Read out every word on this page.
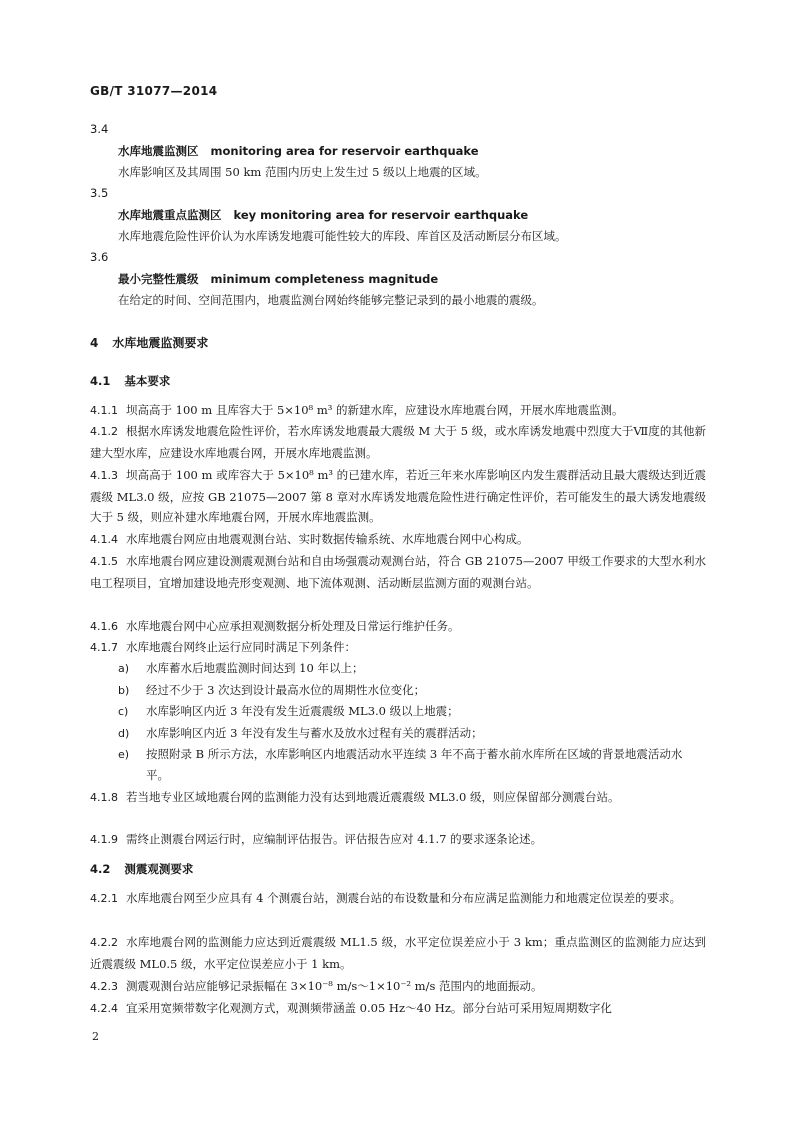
GB/T 31077—2014
3.4
水库地震监测区 monitoring area for reservoir earthquake
水库影响区及其周围 50 km 范围内历史上发生过 5 级以上地震的区域。
3.5
水库地震重点监测区 key monitoring area for reservoir earthquake
水库地震危险性评价认为水库诱发地震可能性较大的库段、库首区及活动断层分布区域。
3.6
最小完整性震级 minimum completeness magnitude
在给定的时间、空间范围内，地震监测台网始终能够完整记录到的最小地震的震级。
4 水库地震监测要求
4.1 基本要求
4.1.1 坝高高于 100 m 且库容大于 5×10⁸ m³ 的新建水库，应建设水库地震台网，开展水库地震监测。
4.1.2 根据水库诱发地震危险性评价，若水库诱发地震最大震级 M 大于 5 级，或水库诱发地震中烈度大于Ⅶ度的其他新建大型水库，应建设水库地震台网，开展水库地震监测。
4.1.3 坝高高于 100 m 或库容大于 5×10⁸ m³ 的已建水库，若近三年来水库影响区内发生震群活动且最大震级达到近震震级 ML3.0 级，应按 GB 21075—2007 第 8 章对水库诱发地震危险性进行确定性评价，若可能发生的最大诱发地震级大于 5 级，则应补建水库地震台网，开展水库地震监测。
4.1.4 水库地震台网应由地震观测台站、实时数据传输系统、水库地震台网中心构成。
4.1.5 水库地震台网应建设测震观测台站和自由场强震动观测台站，符合 GB 21075—2007 甲级工作要求的大型水利水电工程项目，宜增加建设地壳形变观测、地下流体观测、活动断层监测方面的观测台站。
4.1.6 水库地震台网中心应承担观测数据分析处理及日常运行维护任务。
4.1.7 水库地震台网终止运行应同时满足下列条件：
a) 水库蓄水后地震监测时间达到 10 年以上；
b) 经过不少于 3 次达到设计最高水位的周期性水位变化；
c) 水库影响区内近 3 年没有发生近震震级 ML3.0 级以上地震；
d) 水库影响区内近 3 年没有发生与蓄水及放水过程有关的震群活动；
e) 按照附录 B 所示方法，水库影响区内地震活动水平连续 3 年不高于蓄水前水库所在区域的背景地震活动水平。
4.1.8 若当地专业区域地震台网的监测能力没有达到地震近震震级 ML3.0 级，则应保留部分测震台站。
4.1.9 需终止测震台网运行时，应编制评估报告。评估报告应对 4.1.7 的要求逐条论述。
4.2 测震观测要求
4.2.1 水库地震台网至少应具有 4 个测震台站，测震台站的布设数量和分布应满足监测能力和地震定位误差的要求。
4.2.2 水库地震台网的监测能力应达到近震震级 ML1.5 级，水平定位误差应小于 3 km；重点监测区的监测能力应达到近震震级 ML0.5 级，水平定位误差应小于 1 km。
4.2.3 测震观测台站应能够记录振幅在 3×10⁻⁸ m/s～1×10⁻² m/s 范围内的地面振动。
4.2.4 宜采用宽频带数字化观测方式，观测频带涵盖 0.05 Hz～40 Hz。部分台站可采用短周期数字化
2
